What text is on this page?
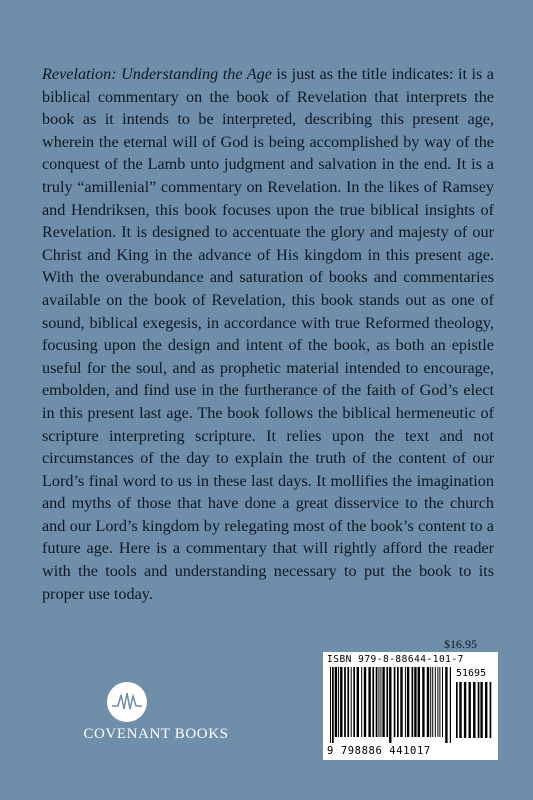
Revelation: Understanding the Age is just as the title indicates: it is a biblical commentary on the book of Revelation that interprets the book as it intends to be interpreted, describing this present age, wherein the eternal will of God is being accomplished by way of the conquest of the Lamb unto judgment and salvation in the end. It is a truly “amillenial” commentary on Revelation. In the likes of Ramsey and Hendriksen, this book focuses upon the true biblical insights of Revelation. It is designed to accentuate the glory and majesty of our Christ and King in the advance of His kingdom in this present age. With the overabundance and saturation of books and commentaries available on the book of Revelation, this book stands out as one of sound, biblical exegesis, in accordance with true Reformed theology, focusing upon the design and intent of the book, as both an epistle useful for the soul, and as prophetic material intended to encourage, embolden, and find use in the furtherance of the faith of God’s elect in this present last age. The book follows the biblical hermeneutic of scripture interpreting scripture. It relies upon the text and not circumstances of the day to explain the truth of the content of our Lord’s final word to us in these last days. It mollifies the imagination and myths of those that have done a great disservice to the church and our Lord’s kingdom by relegating most of the book’s content to a future age. Here is a commentary that will rightly afford the reader with the tools and understanding necessary to put the book to its proper use today.

$16.95
ISBN 979-8-88644-101-7
51695
9 798886 441017
COVENANT BOOKS
